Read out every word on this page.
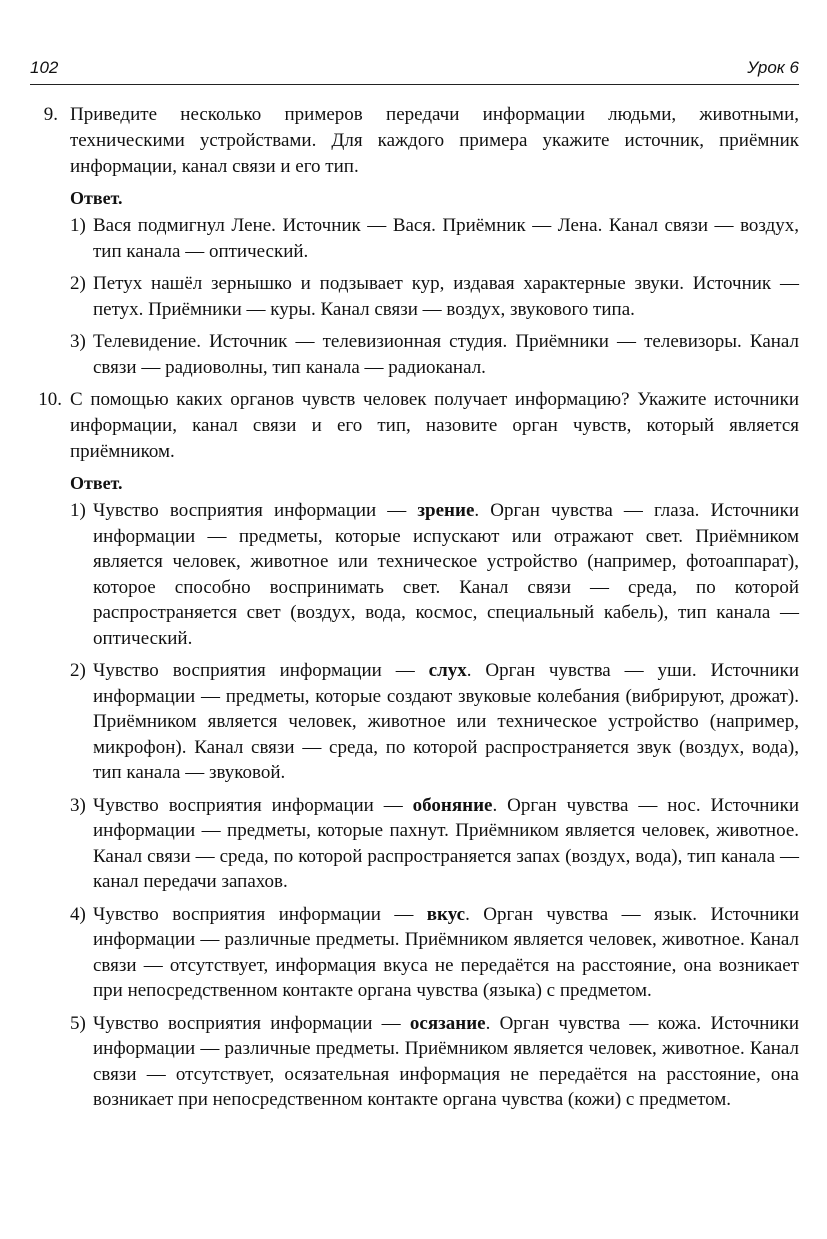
102	Урок 6
9. Приведите несколько примеров передачи информации людьми, животными, техническими устройствами. Для каждого примера укажите источник, приёмник информации, канал связи и его тип.
Ответ.
1) Вася подмигнул Лене. Источник — Вася. Приёмник — Лена. Канал связи — воздух, тип канала — оптический.
2) Петух нашёл зернышко и подзывает кур, издавая характерные звуки. Источник — петух. Приёмники — куры. Канал связи — воздух, звукового типа.
3) Телевидение. Источник — телевизионная студия. Приёмники — телевизоры. Канал связи — радиоволны, тип канала — радиоканал.
10. С помощью каких органов чувств человек получает информацию? Укажите источники информации, канал связи и его тип, назовите орган чувств, который является приёмником.
Ответ.
1) Чувство восприятия информации — зрение. Орган чувства — глаза. Источники информации — предметы, которые испускают или отражают свет. Приёмником является человек, животное или техническое устройство (например, фотоаппарат), которое способно воспринимать свет. Канал связи — среда, по которой распространяется свет (воздух, вода, космос, специальный кабель), тип канала — оптический.
2) Чувство восприятия информации — слух. Орган чувства — уши. Источники информации — предметы, которые создают звуковые колебания (вибрируют, дрожат). Приёмником является человек, животное или техническое устройство (например, микрофон). Канал связи — среда, по которой распространяется звук (воздух, вода), тип канала — звуковой.
3) Чувство восприятия информации — обоняние. Орган чувства — нос. Источники информации — предметы, которые пахнут. Приёмником является человек, животное. Канал связи — среда, по которой распространяется запах (воздух, вода), тип канала — канал передачи запахов.
4) Чувство восприятия информации — вкус. Орган чувства — язык. Источники информации — различные предметы. Приёмником является человек, животное. Канал связи — отсутствует, информация вкуса не передаётся на расстояние, она возникает при непосредственном контакте органа чувства (языка) с предметом.
5) Чувство восприятия информации — осязание. Орган чувства — кожа. Источники информации — различные предметы. Приёмником является человек, животное. Канал связи — отсутствует, осязательная информация не передаётся на расстояние, она возникает при непосредственном контакте органа чувства (кожи) с предметом.
